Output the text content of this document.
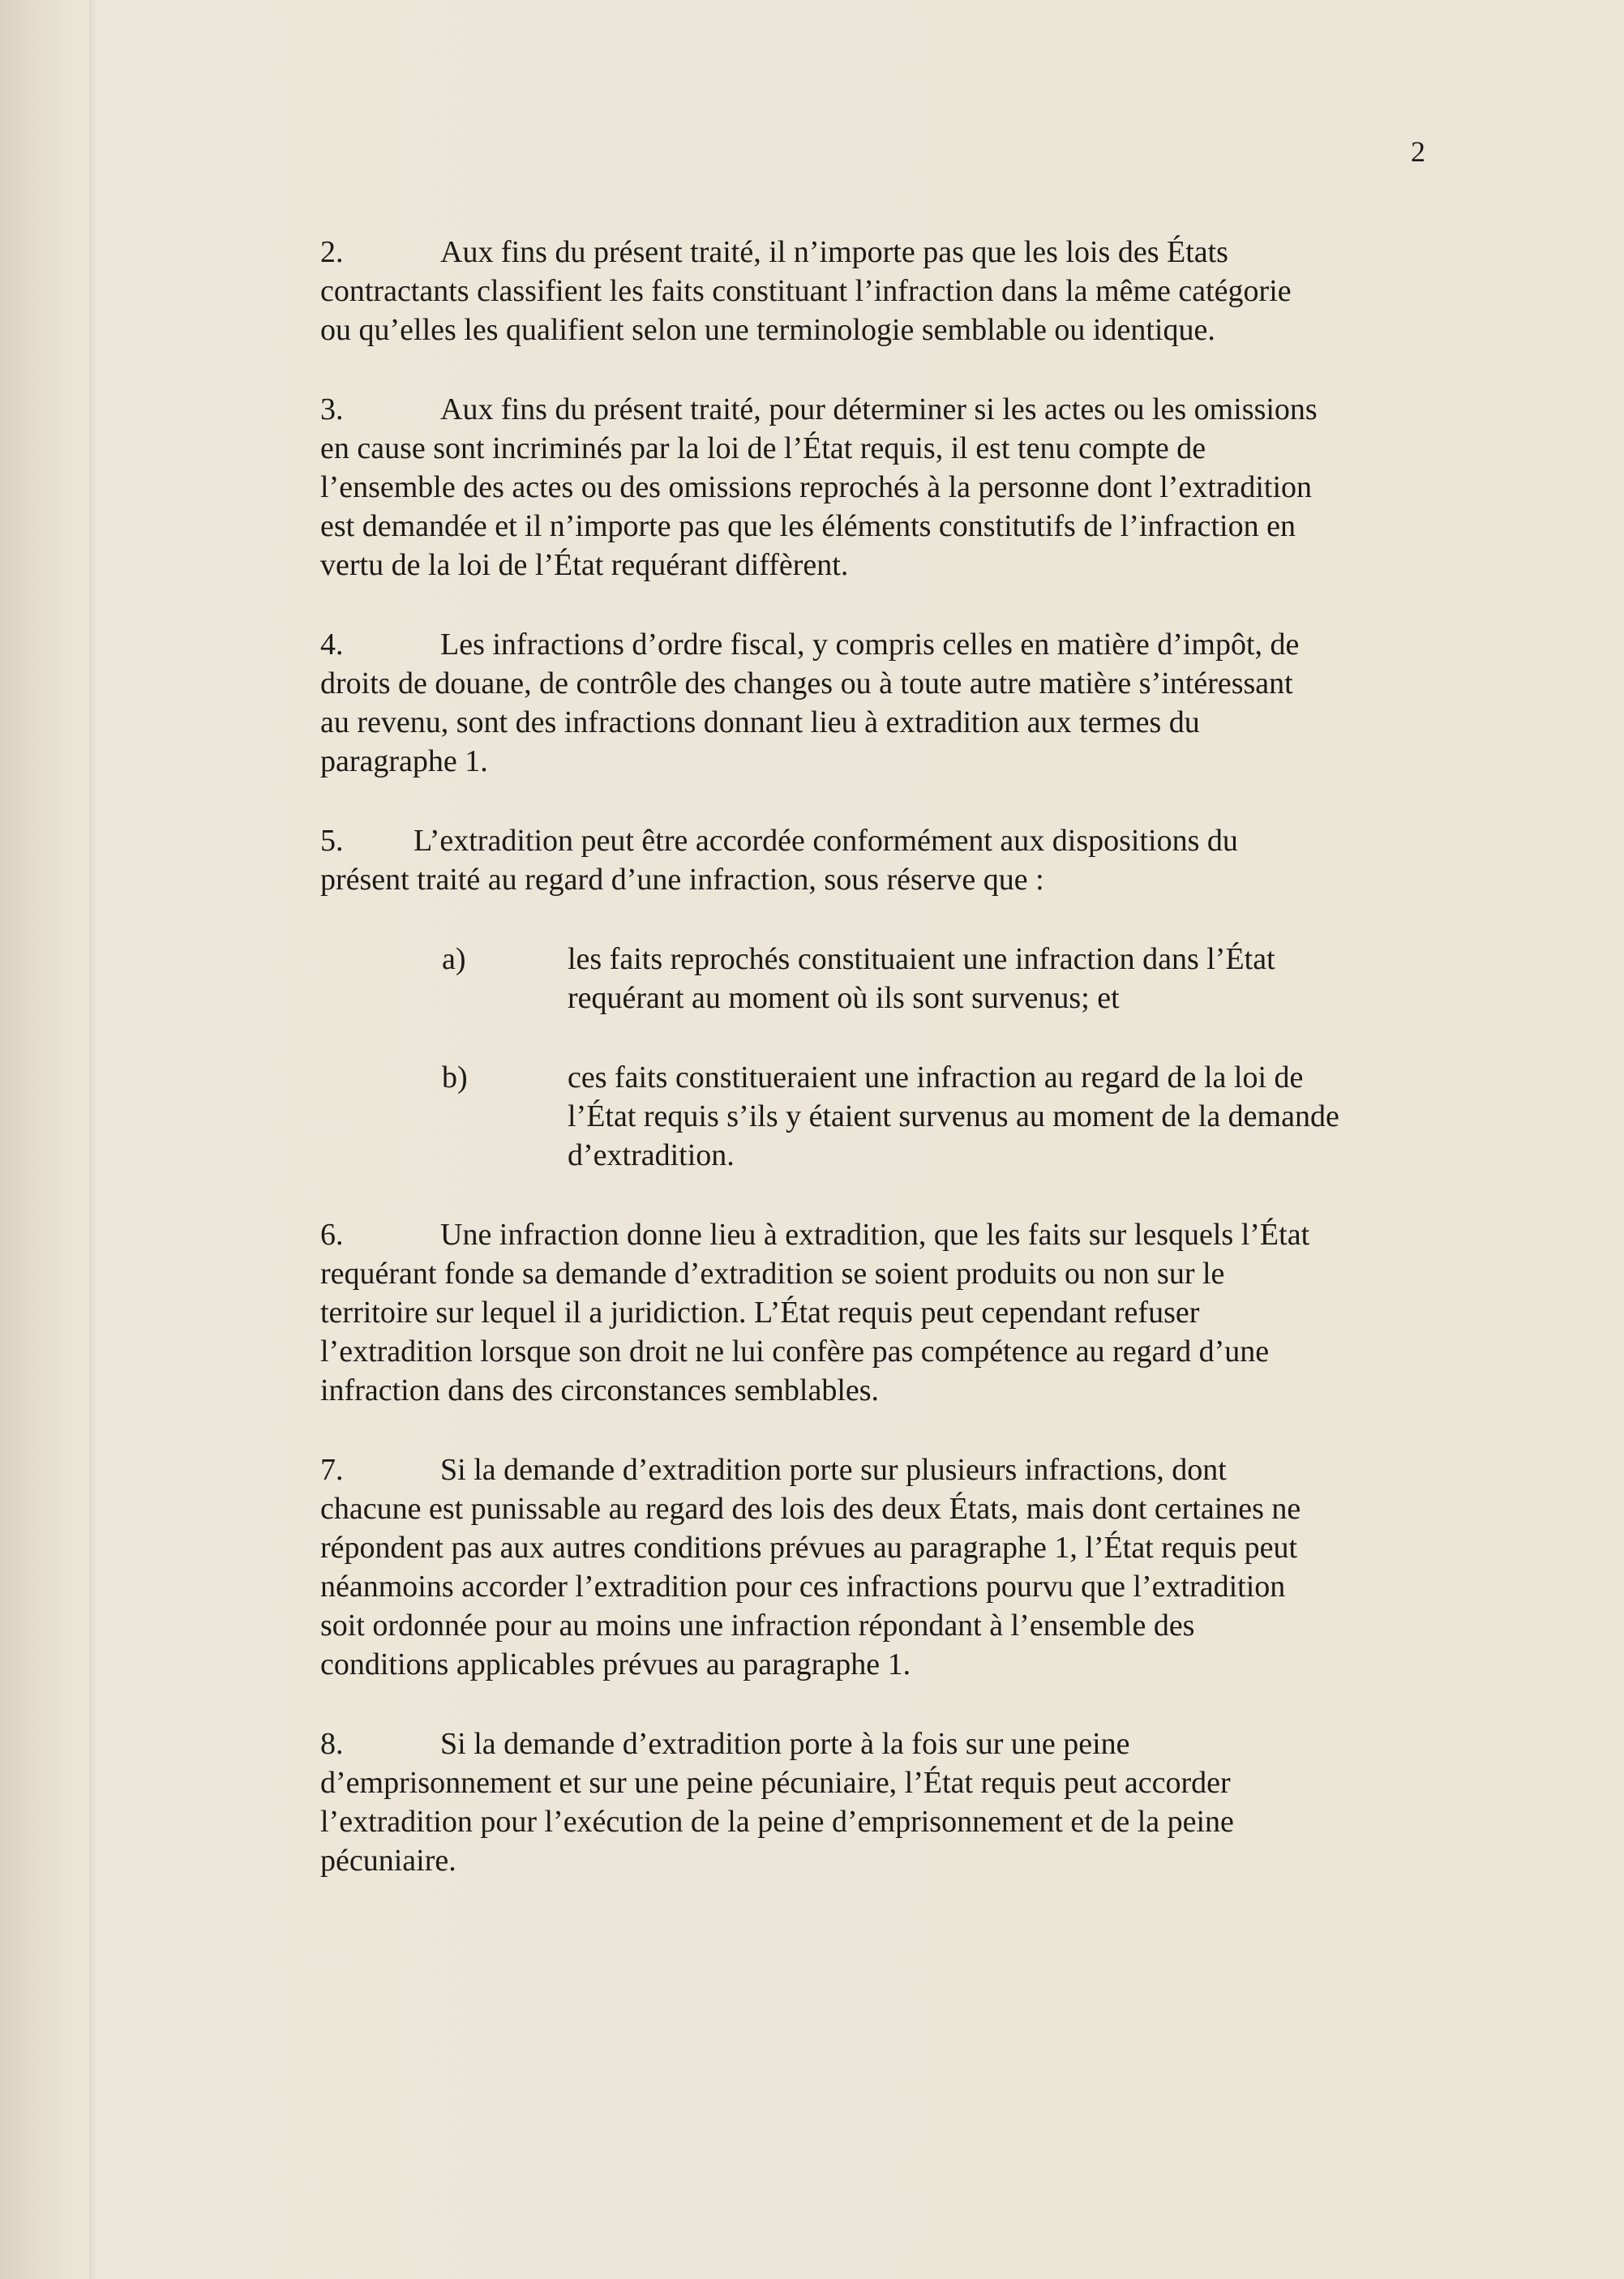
2
2.	Aux fins du présent traité, il n’importe pas que les lois des États
contractants classifient les faits constituant l’infraction dans la même catégorie
ou qu’elles les qualifient selon une terminologie semblable ou identique.
3.	Aux fins du présent traité, pour déterminer si les actes ou les omissions
en cause sont incriminés par la loi de l’État requis, il est tenu compte de
l’ensemble des actes ou des omissions reprochés à la personne dont l’extradition
est demandée et il n’importe pas que les éléments constitutifs de l’infraction en
vertu de la loi de l’État requérant diffèrent.
4.	Les infractions d’ordre fiscal, y compris celles en matière d’impôt, de
droits de douane, de contrôle des changes ou à toute autre matière s’intéressant
au revenu, sont des infractions donnant lieu à extradition aux termes du
paragraphe 1.
5. L’extradition peut être accordée conformément aux dispositions du
présent traité au regard d’une infraction, sous réserve que :
a)	les faits reprochés constituaient une infraction dans l’État
requérant au moment où ils sont survenus; et
b)	ces faits constitueraient une infraction au regard de la loi de
l’État requis s’ils y étaient survenus au moment de la demande
d’extradition.
6.	Une infraction donne lieu à extradition, que les faits sur lesquels l’État
requérant fonde sa demande d’extradition se soient produits ou non sur le
territoire sur lequel il a juridiction. L’État requis peut cependant refuser
l’extradition lorsque son droit ne lui confère pas compétence au regard d’une
infraction dans des circonstances semblables.
7.	Si la demande d’extradition porte sur plusieurs infractions, dont
chacune est punissable au regard des lois des deux États, mais dont certaines ne
répondent pas aux autres conditions prévues au paragraphe 1, l’État requis peut
néanmoins accorder l’extradition pour ces infractions pourvu que l’extradition
soit ordonnée pour au moins une infraction répondant à l’ensemble des
conditions applicables prévues au paragraphe 1.
8.	Si la demande d’extradition porte à la fois sur une peine
d’emprisonnement et sur une peine pécuniaire, l’État requis peut accorder
l’extradition pour l’exécution de la peine d’emprisonnement et de la peine
pécuniaire.
